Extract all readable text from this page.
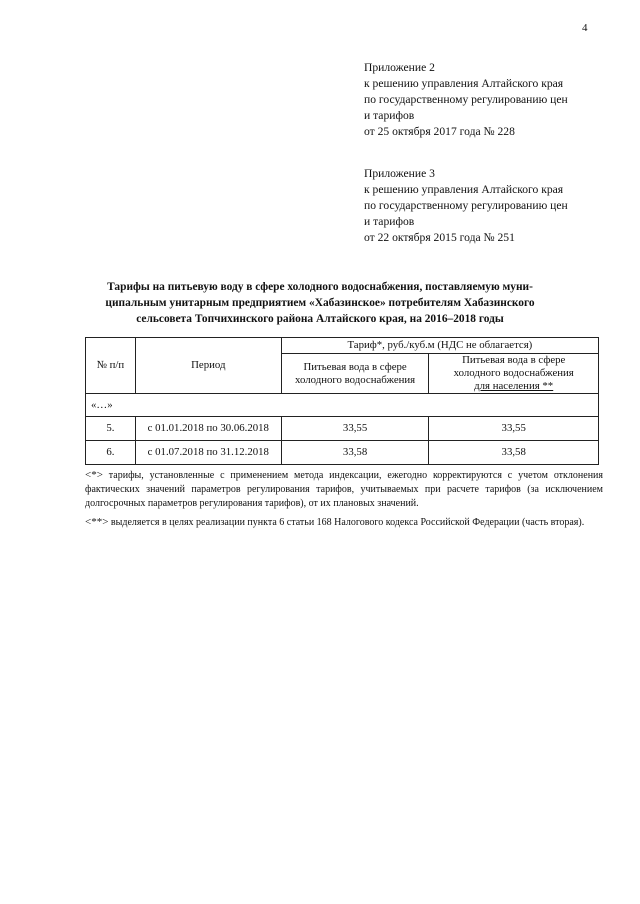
4
Приложение 2
к решению управления Алтайского края
по государственному регулированию цен
и тарифов
от 25 октября 2017 года № 228
Приложение 3
к решению управления Алтайского края
по государственному регулированию цен
и тарифов
от 22 октября 2015 года № 251
Тарифы на питьевую воду в сфере холодного водоснабжения, поставляемую муни-
ципальным унитарным предприятием «Хабазинское» потребителям Хабазинского
сельсовета Топчихинского района Алтайского края, на 2016–2018 годы
№ п/п	Период	Тариф*, руб./куб.м (НДС не облагается)	
		Питьевая вода в сфере холодного водоснабжения	Питьевая вода в сфере
холодного водоснабжения
для населения **

«…»			
5.	с 01.01.2018 по 30.06.2018	33,55	33,55
6.	с 01.07.2018 по 31.12.2018	33,58	33,58

<*> тарифы, установленные с применением метода индексации, ежегодно корректируются с учетом отклонения фактических значений параметров регулирования тарифов, учитываемых при расчете тарифов (за исключением долгосрочных параметров регулирования тарифов), от их плановых значений.

<**> выделяется в целях реализации пункта 6 статьи 168 Налогового кодекса Российской Федерации (часть вторая).
